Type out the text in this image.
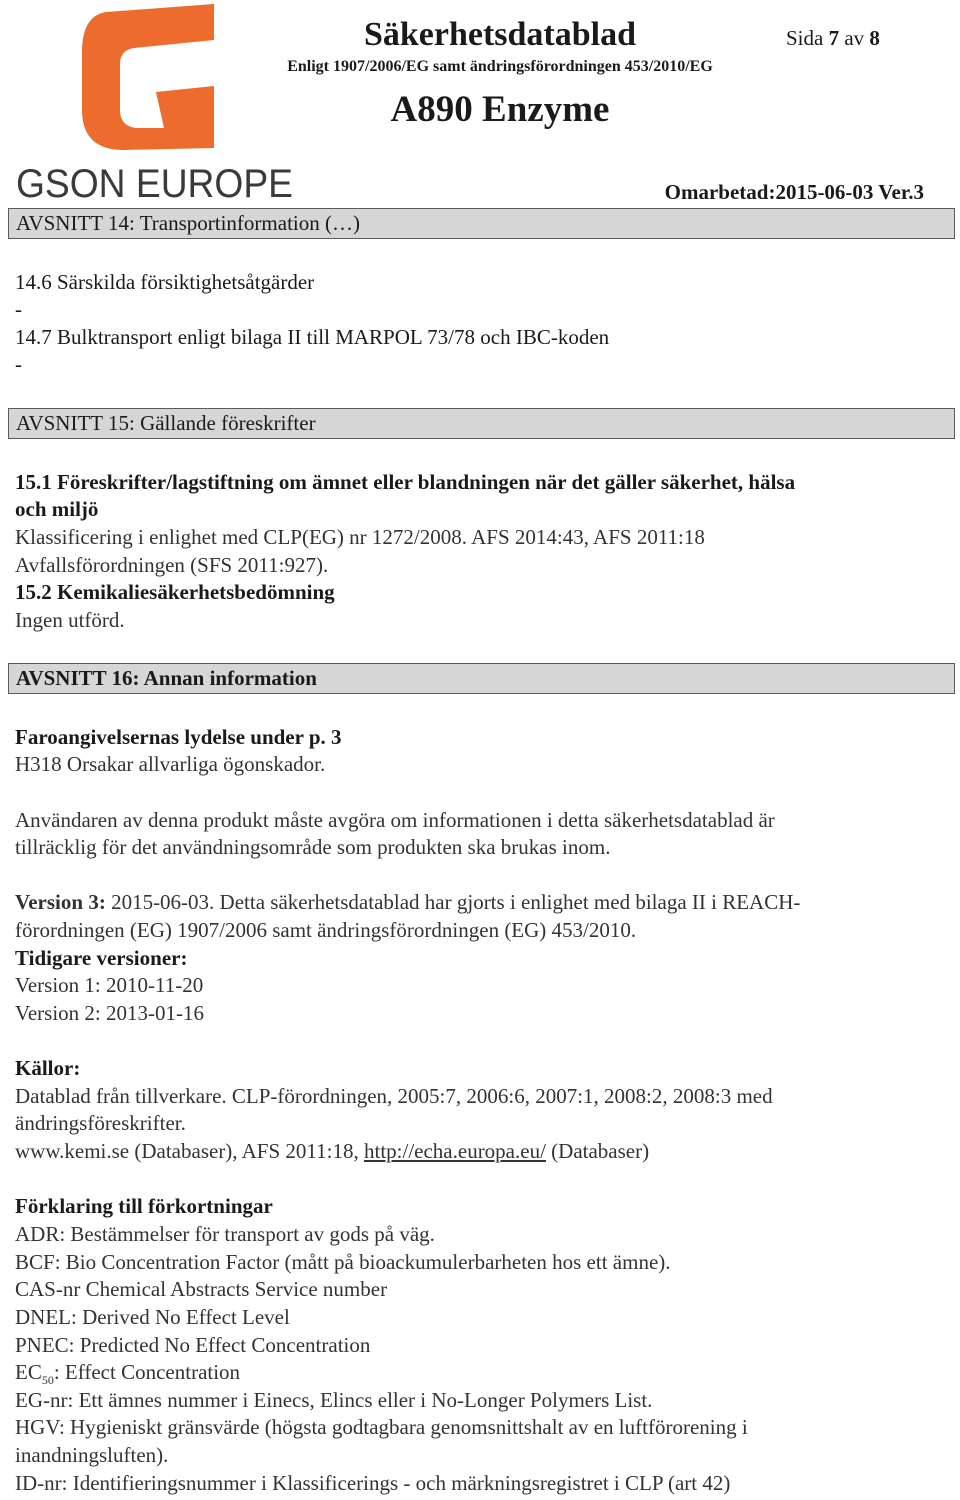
GSON EUROPE
Säkerhetsdatablad
Enligt 1907/2006/EG samt ändringsförordningen 453/2010/EG
A890 Enzyme
Sida 7 av 8
Omarbetad:2015-06-03 Ver.3
AVSNITT 14: Transportinformation (…)
14.6 Särskilda försiktighetsåtgärder
-
14.7 Bulktransport enligt bilaga II till MARPOL 73/78 och IBC-koden
-
AVSNITT 15: Gällande föreskrifter
15.1 Föreskrifter/lagstiftning om ämnet eller blandningen när det gäller säkerhet, hälsa
och miljö
Klassificering i enlighet med CLP(EG) nr 1272/2008. AFS 2014:43, AFS 2011:18
Avfallsförordningen (SFS 2011:927).
15.2 Kemikaliesäkerhetsbedömning
Ingen utförd.
AVSNITT 16: Annan information
Faroangivelsernas lydelse under p. 3
H318 Orsakar allvarliga ögonskador.
Användaren av denna produkt måste avgöra om informationen i detta säkerhetsdatablad är
tillräcklig för det användningsområde som produkten ska brukas inom.
Version 3: 2015-06-03. Detta säkerhetsdatablad har gjorts i enlighet med bilaga II i REACH-
förordningen (EG) 1907/2006 samt ändringsförordningen (EG) 453/2010.
Tidigare versioner:
Version 1: 2010-11-20
Version 2: 2013-01-16
Källor:
Datablad från tillverkare. CLP-förordningen, 2005:7, 2006:6, 2007:1, 2008:2, 2008:3 med
ändringsföreskrifter.
www.kemi.se (Databaser), AFS 2011:18, http://echa.europa.eu/ (Databaser)
Förklaring till förkortningar
ADR: Bestämmelser för transport av gods på väg.
BCF: Bio Concentration Factor (mått på bioackumulerbarheten hos ett ämne).
CAS-nr Chemical Abstracts Service number
DNEL: Derived No Effect Level
PNEC: Predicted No Effect Concentration
$EC_{50}$: Effect Concentration
EG-nr: Ett ämnes nummer i Einecs, Elincs eller i No-Longer Polymers List.
HGV: Hygieniskt gränsvärde (högsta godtagbara genomsnittshalt av en luftförorening i
inandningsluften).
ID-nr: Identifieringsnummer i Klassificerings - och märkningsregistret i CLP (art 42)
